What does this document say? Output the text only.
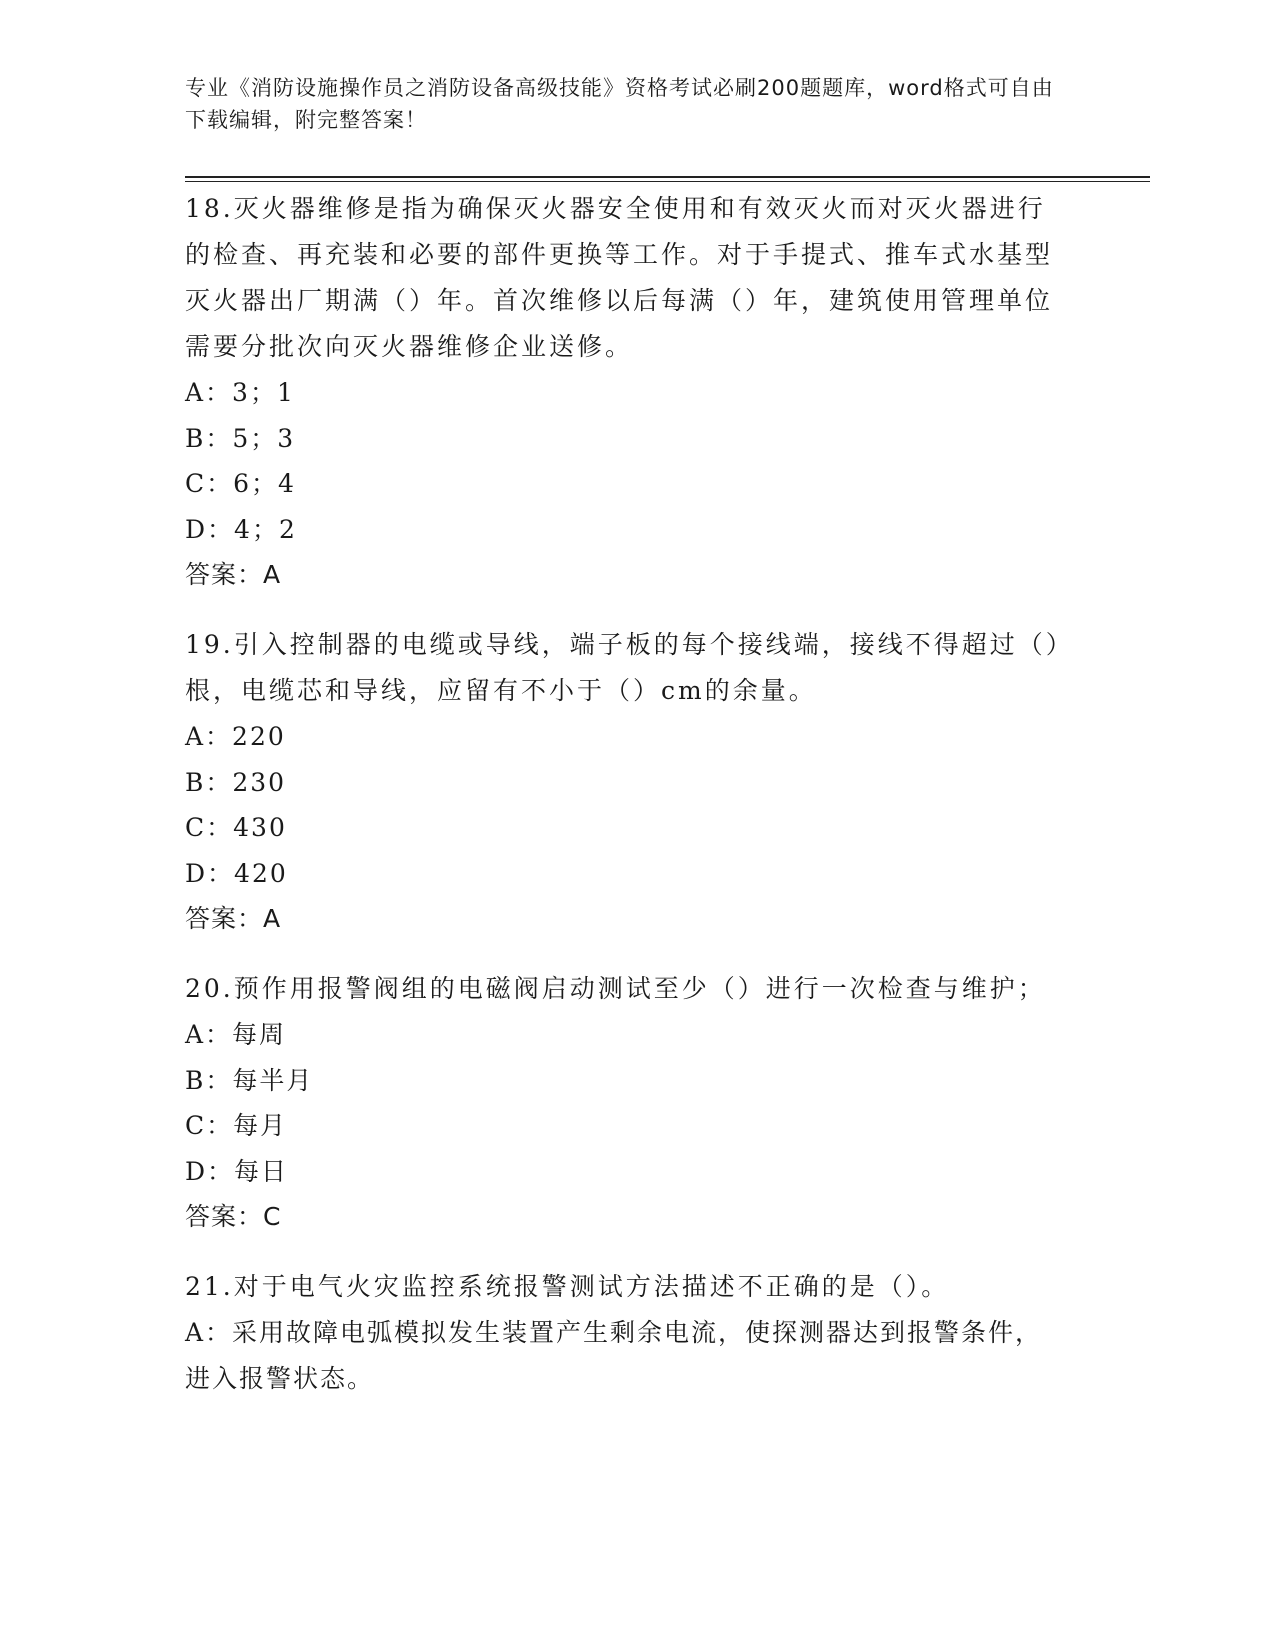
专业《消防设施操作员之消防设备高级技能》资格考试必刷200题题库，word格式可自由下载编辑，附完整答案！

18.灭火器维修是指为确保灭火器安全使用和有效灭火而对灭火器进行的检查、再充装和必要的部件更换等工作。对于手提式、推车式水基型灭火器出厂期满（）年。首次维修以后每满（）年，建筑使用管理单位需要分批次向灭火器维修企业送修。

A：3；1

B：5；3

C：6；4

D：4；2

答案：A

19.引入控制器的电缆或导线，端子板的每个接线端，接线不得超过（）根，电缆芯和导线，应留有不小于（）cm的余量。

A：220

B：230

C：430

D：420

答案：A

20.预作用报警阀组的电磁阀启动测试至少（）进行一次检查与维护；

A：每周

B：每半月

C：每月

D：每日

答案：C

21.对于电气火灾监控系统报警测试方法描述不正确的是（）。

A：采用故障电弧模拟发生装置产生剩余电流，使探测器达到报警条件，进入报警状态。
